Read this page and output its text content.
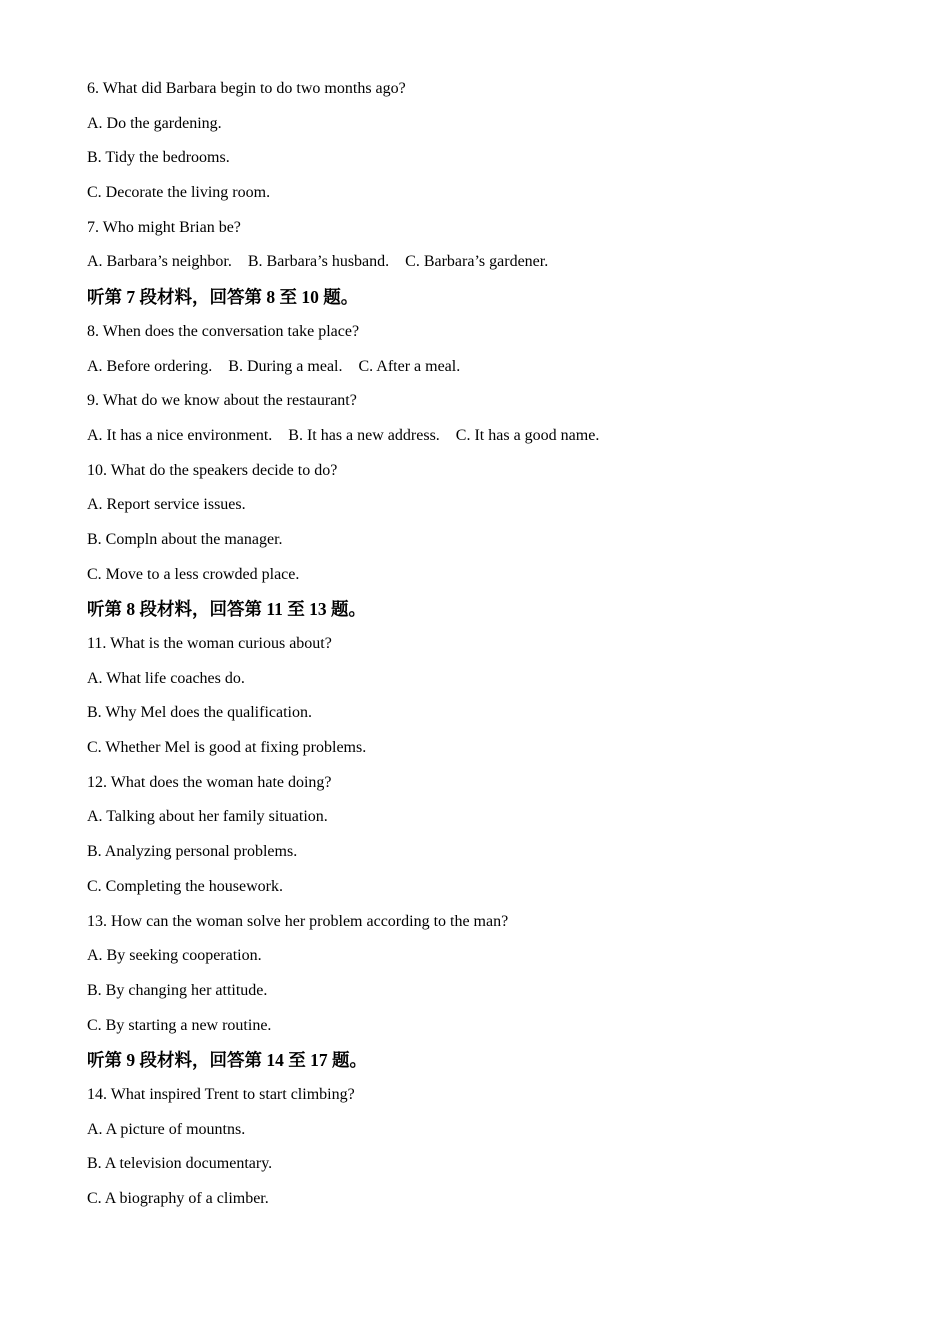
6. What did Barbara begin to do two months ago?
A. Do the gardening.
B. Tidy the bedrooms.
C. Decorate the living room.
7. Who might Brian be?
A. Barbara’s neighbor.    B. Barbara’s husband.    C. Barbara’s gardener.
听第 7 段材料，回答第 8 至 10 题。
8. When does the conversation take place?
A. Before ordering.    B. During a meal.    C. After a meal.
9. What do we know about the restaurant?
A. It has a nice environment.    B. It has a new address.    C. It has a good name.
10. What do the speakers decide to do?
A. Report service issues.
B. Compln about the manager.
C. Move to a less crowded place.
听第 8 段材料，回答第 11 至 13 题。
11. What is the woman curious about?
A. What life coaches do.
B. Why Mel does the qualification.
C. Whether Mel is good at fixing problems.
12. What does the woman hate doing?
A. Talking about her family situation.
B. Analyzing personal problems.
C. Completing the housework.
13. How can the woman solve her problem according to the man?
A. By seeking cooperation.
B. By changing her attitude.
C. By starting a new routine.
听第 9 段材料，回答第 14 至 17 题。
14. What inspired Trent to start climbing?
A. A picture of mountns.
B. A television documentary.
C. A biography of a climber.
